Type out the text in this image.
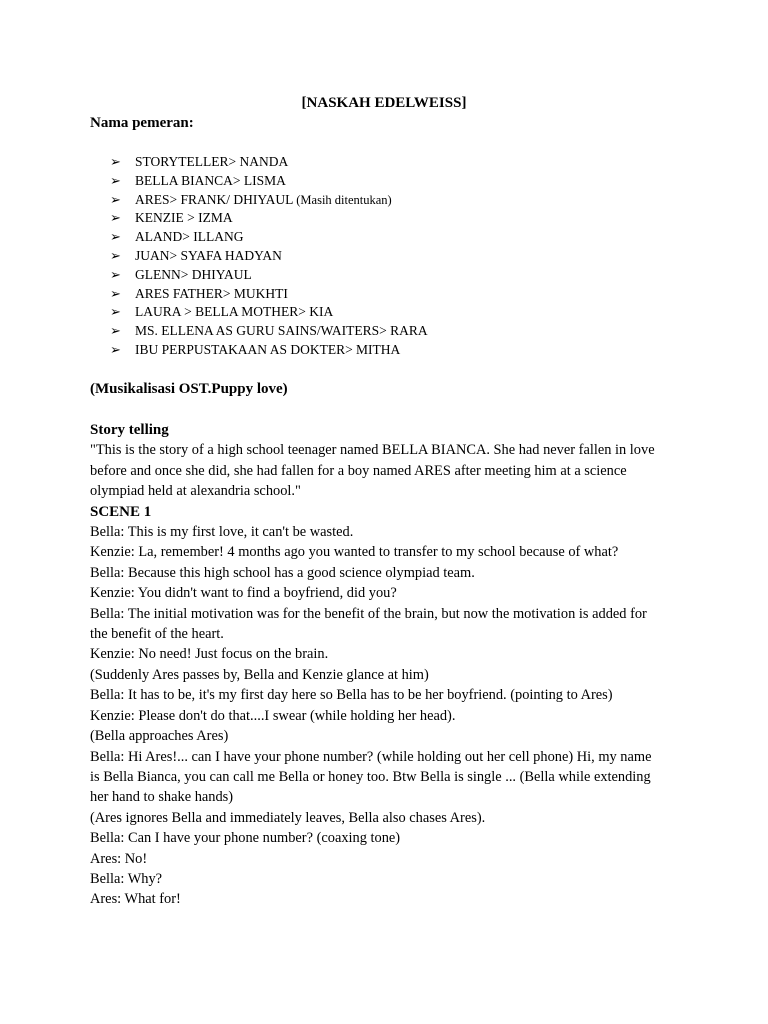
[NASKAH EDELWEISS]
Nama pemeran:
➢ STORYTELLER> NANDA
➢ BELLA BIANCA> LISMA
➢ ARES> FRANK/ DHIYAUL (Masih ditentukan)
➢ KENZIE > IZMA
➢ ALAND> ILLANG
➢ JUAN> SYAFA HADYAN
➢ GLENN> DHIYAUL
➢ ARES FATHER> MUKHTI
➢ LAURA > BELLA MOTHER> KIA
➢ MS. ELLENA AS GURU SAINS/WAITERS> RARA
➢ IBU PERPUSTAKAAN AS DOKTER> MITHA
(Musikalisasi OST.Puppy love)
Story telling
"This is the story of a high school teenager named BELLA BIANCA. She had never fallen in love
before and once she did, she had fallen for a boy named ARES after meeting him at a science
olympiad held at alexandria school."
SCENE 1
Bella: This is my first love, it can't be wasted.
Kenzie: La, remember! 4 months ago you wanted to transfer to my school because of what?
Bella: Because this high school has a good science olympiad team.
Kenzie: You didn't want to find a boyfriend, did you?
Bella: The initial motivation was for the benefit of the brain, but now the motivation is added for
the benefit of the heart.
Kenzie: No need! Just focus on the brain.
(Suddenly Ares passes by, Bella and Kenzie glance at him)
Bella: It has to be, it's my first day here so Bella has to be her boyfriend. (pointing to Ares)
Kenzie: Please don't do that....I swear (while holding her head).
(Bella approaches Ares)
Bella: Hi Ares!... can I have your phone number? (while holding out her cell phone) Hi, my name
is Bella Bianca, you can call me Bella or honey too. Btw Bella is single ... (Bella while extending
her hand to shake hands)
(Ares ignores Bella and immediately leaves, Bella also chases Ares).
Bella: Can I have your phone number? (coaxing tone)
Ares: No!
Bella: Why?
Ares: What for!
